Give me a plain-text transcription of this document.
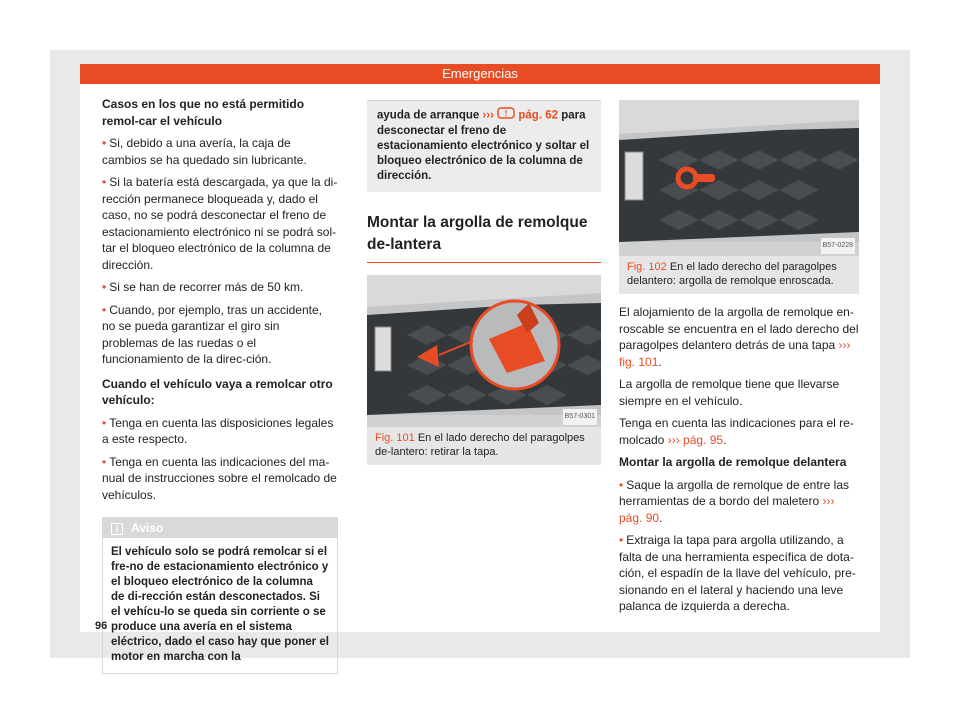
Emergencias

Casos en los que no está permitido remol-car el vehículo

• Si, debido a una avería, la caja de cambios se ha quedado sin lubricante.

• Si la batería está descargada, ya que la di-rección permanece bloqueada y, dado el caso, no se podrá desconectar el freno de estacionamiento electrónico ni se podrá sol-tar el bloqueo electrónico de la columna de dirección.

• Si se han de recorrer más de 50 km.

• Cuando, por ejemplo, tras un accidente, no se pueda garantizar el giro sin problemas de las ruedas o el funcionamiento de la direc-ción.

Cuando el vehículo vaya a remolcar otro vehículo:

• Tenga en cuenta las disposiciones legales a este respecto.

• Tenga en cuenta las indicaciones del ma-nual de instrucciones sobre el remolcado de vehículos.

i Aviso
El vehículo solo se podrá remolcar si el fre-no de estacionamiento electrónico y el bloqueo electrónico de la columna de di-rección están desconectados. Si el vehícu-lo se queda sin corriente o se produce una avería en el sistema eléctrico, dado el caso hay que poner el motor en marcha con la
ayuda de arranque ››› ! pág. 62 para desconectar el freno de estacionamiento electrónico y soltar el bloqueo electrónico de la columna de dirección.
Montar la argolla de remolque de-lantera
B57-0301
Fig. 101 En el lado derecho del paragolpes de-lantero: retirar la tapa.
B57-0228
Fig. 102 En el lado derecho del paragolpes delantero: argolla de remolque enroscada.

El alojamiento de la argolla de remolque en-roscable se encuentra en el lado derecho del paragolpes delantero detrás de una tapa ››› fig. 101.

La argolla de remolque tiene que llevarse siempre en el vehículo.

Tenga en cuenta las indicaciones para el re-molcado ››› pág. 95.

Montar la argolla de remolque delantera

• Saque la argolla de remolque de entre las herramientas de a bordo del maletero ››› pág. 90.

• Extraiga la tapa para argolla utilizando, a falta de una herramienta específica de dota-ción, el espadín de la llave del vehículo, pre-sionando en el lateral y haciendo una leve palanca de izquierda a derecha.

96
